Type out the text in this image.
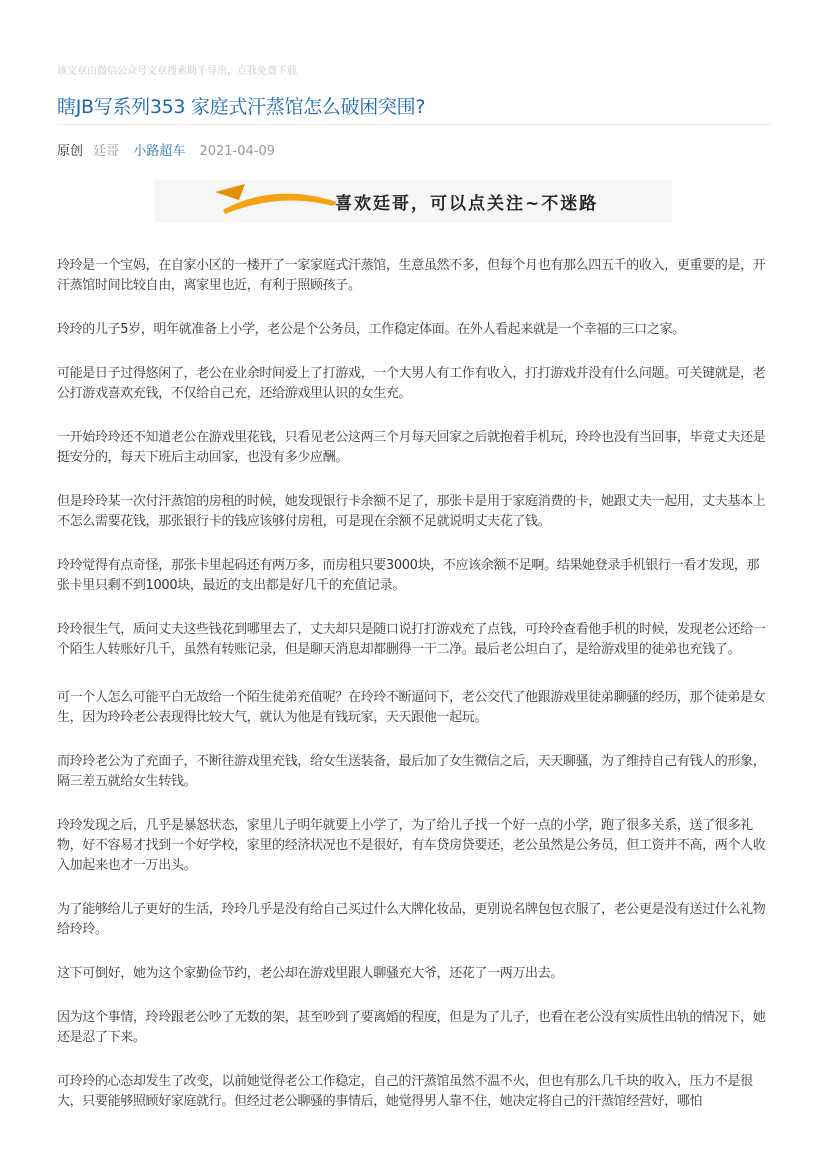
该文章由微信公众号文章搜索助手导出，点我免费下载
瞎JB写系列353 家庭式汗蒸馆怎么破困突围?
原创 廷哥 小路超车 2021-04-09
喜欢廷哥，可以点关注~不迷路

玲玲是一个宝妈，在自家小区的一楼开了一家家庭式汗蒸馆，生意虽然不多，但每个月也有那么四五千的收入，更重要的是，开汗蒸馆时间比较自由，离家里也近，有利于照顾孩子。

玲玲的儿子5岁，明年就准备上小学，老公是个公务员，工作稳定体面。在外人看起来就是一个幸福的三口之家。

可能是日子过得悠闲了，老公在业余时间爱上了打游戏，一个大男人有工作有收入，打打游戏并没有什么问题。可关键就是，老公打游戏喜欢充钱，不仅给自己充，还给游戏里认识的女生充。

一开始玲玲还不知道老公在游戏里花钱，只看见老公这两三个月每天回家之后就抱着手机玩，玲玲也没有当回事，毕竟丈夫还是挺安分的，每天下班后主动回家，也没有多少应酬。

但是玲玲某一次付汗蒸馆的房租的时候，她发现银行卡余额不足了，那张卡是用于家庭消费的卡，她跟丈夫一起用，丈夫基本上不怎么需要花钱，那张银行卡的钱应该够付房租，可是现在余额不足就说明丈夫花了钱。

玲玲觉得有点奇怪，那张卡里起码还有两万多，而房租只要3000块，不应该余额不足啊。结果她登录手机银行一看才发现，那张卡里只剩不到1000块，最近的支出都是好几千的充值记录。

玲玲很生气，质问丈夫这些钱花到哪里去了，丈夫却只是随口说打打游戏充了点钱，可玲玲查看他手机的时候，发现老公还给一个陌生人转账好几千，虽然有转账记录，但是聊天消息却都删得一干二净。最后老公坦白了，是给游戏里的徒弟也充钱了。

可一个人怎么可能平白无故给一个陌生徒弟充值呢？在玲玲不断逼问下，老公交代了他跟游戏里徒弟聊骚的经历，那个徒弟是女生，因为玲玲老公表现得比较大气，就认为他是有钱玩家，天天跟他一起玩。

而玲玲老公为了充面子，不断往游戏里充钱，给女生送装备，最后加了女生微信之后，天天聊骚，为了维持自己有钱人的形象，隔三差五就给女生转钱。

玲玲发现之后，几乎是暴怒状态，家里儿子明年就要上小学了，为了给儿子找一个好一点的小学，跑了很多关系，送了很多礼物，好不容易才找到一个好学校，家里的经济状况也不是很好，有车贷房贷要还，老公虽然是公务员，但工资并不高，两个人收入加起来也才一万出头。

为了能够给儿子更好的生活，玲玲几乎是没有给自己买过什么大牌化妆品，更别说名牌包包衣服了，老公更是没有送过什么礼物给玲玲。

这下可倒好，她为这个家勤俭节约，老公却在游戏里跟人聊骚充大爷，还花了一两万出去。

因为这个事情，玲玲跟老公吵了无数的架，甚至吵到了要离婚的程度，但是为了儿子，也看在老公没有实质性出轨的情况下，她还是忍了下来。

可玲玲的心态却发生了改变，以前她觉得老公工作稳定，自己的汗蒸馆虽然不温不火，但也有那么几千块的收入，压力不是很大，只要能够照顾好家庭就行。但经过老公聊骚的事情后，她觉得男人靠不住，她决定将自己的汗蒸馆经营好，哪怕
